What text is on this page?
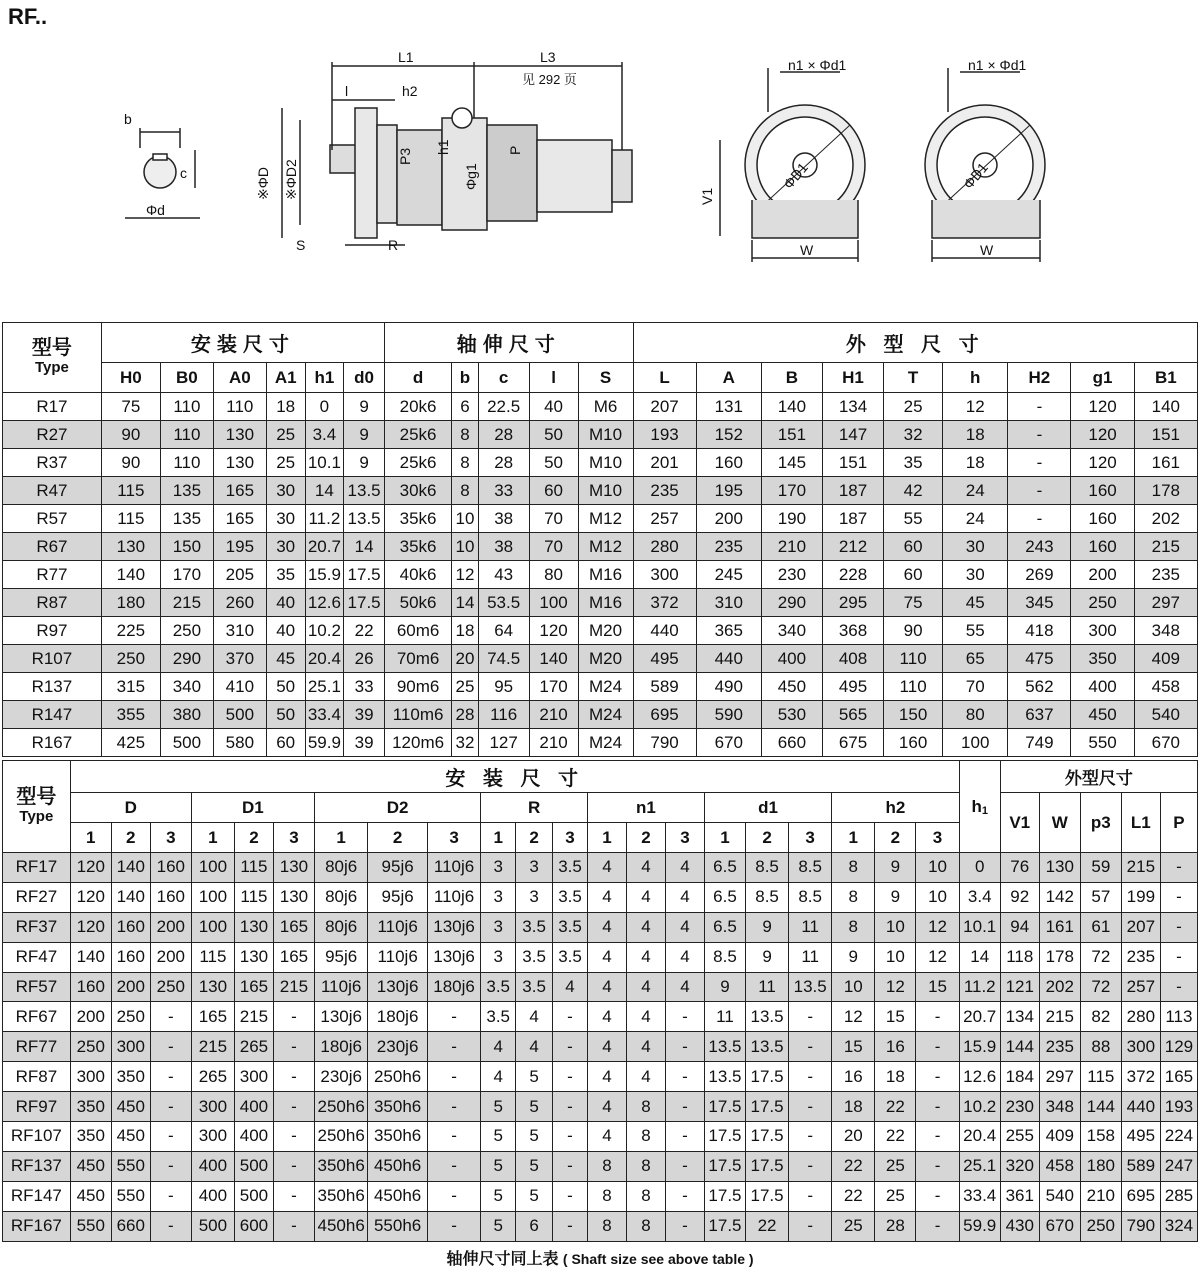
RF..
b
c
Φd
L1	L3
见 292 页
l	h2
※ΦD ※ΦD2
P3
h1
Φg1
P
S	R
n1 × Φd1	n1 × Φd1
V1
ΦD1	ΦD1
W	W
型号
Type	安装尺寸						轴伸尺寸					外 型 尺 寸								
	H0	B0	A0	A1	h1	d0	d	b	c	l	S	L	A	B	H1	T	h	H2	g1	B1
R17	75	110	110	18	0	9	20k6	6	22.5	40	M6	207	131	140	134	25	12	-	120	140
R27	90	110	130	25	3.4	9	25k6	8	28	50	M10	193	152	151	147	32	18	-	120	151
R37	90	110	130	25	10.1	9	25k6	8	28	50	M10	201	160	145	151	35	18	-	120	161
R47	115	135	165	30	14	13.5	30k6	8	33	60	M10	235	195	170	187	42	24	-	160	178
R57	115	135	165	30	11.2	13.5	35k6	10	38	70	M12	257	200	190	187	55	24	-	160	202
R67	130	150	195	30	20.7	14	35k6	10	38	70	M12	280	235	210	212	60	30	243	160	215
R77	140	170	205	35	15.9	17.5	40k6	12	43	80	M16	300	245	230	228	60	30	269	200	235
R87	180	215	260	40	12.6	17.5	50k6	14	53.5	100	M16	372	310	290	295	75	45	345	250	297
R97	225	250	310	40	10.2	22	60m6	18	64	120	M20	440	365	340	368	90	55	418	300	348
R107	250	290	370	45	20.4	26	70m6	20	74.5	140	M20	495	440	400	408	110	65	475	350	409
R137	315	340	410	50	25.1	33	90m6	25	95	170	M24	589	490	450	495	110	70	562	400	458
R147	355	380	500	50	33.4	39	110m6	28	116	210	M24	695	590	530	565	150	80	637	450	540
R167	425	500	580	60	59.9	39	120m6	32	127	210	M24	790	670	660	675	160	100	749	550	670
型号
Type	安 装 尺 寸																					h1	外型尺寸				
	D			D1			D2			R			n1			d1			h2				V1	W	p3	L1	P
	1	2	3	1	2	3	1	2	3	1	2	3	1	2	3	1	2	3	1	2	3						
RF17	120	140	160	100	115	130	80j6	95j6	110j6	3	3	3.5	4	4	4	6.5	8.5	8.5	8	9	10	0	76	130	59	215	-
RF27	120	140	160	100	115	130	80j6	95j6	110j6	3	3	3.5	4	4	4	6.5	8.5	8.5	8	9	10	3.4	92	142	57	199	-
RF37	120	160	200	100	130	165	80j6	110j6	130j6	3	3.5	3.5	4	4	4	6.5	9	11	8	10	12	10.1	94	161	61	207	-
RF47	140	160	200	115	130	165	95j6	110j6	130j6	3	3.5	3.5	4	4	4	8.5	9	11	9	10	12	14	118	178	72	235	-
RF57	160	200	250	130	165	215	110j6	130j6	180j6	3.5	3.5	4	4	4	4	9	11	13.5	10	12	15	11.2	121	202	72	257	-
RF67	200	250	-	165	215	-	130j6	180j6	-	3.5	4	-	4	4	-	11	13.5	-	12	15	-	20.7	134	215	82	280	113
RF77	250	300	-	215	265	-	180j6	230j6	-	4	4	-	4	4	-	13.5	13.5	-	15	16	-	15.9	144	235	88	300	129
RF87	300	350	-	265	300	-	230j6	250h6	-	4	5	-	4	4	-	13.5	17.5	-	16	18	-	12.6	184	297	115	372	165
RF97	350	450	-	300	400	-	250h6	350h6	-	5	5	-	4	8	-	17.5	17.5	-	18	22	-	10.2	230	348	144	440	193
RF107	350	450	-	300	400	-	250h6	350h6	-	5	5	-	4	8	-	17.5	17.5	-	20	22	-	20.4	255	409	158	495	224
RF137	450	550	-	400	500	-	350h6	450h6	-	5	5	-	8	8	-	17.5	17.5	-	22	25	-	25.1	320	458	180	589	247
RF147	450	550	-	400	500	-	350h6	450h6	-	5	5	-	8	8	-	17.5	17.5	-	22	25	-	33.4	361	540	210	695	285
RF167	550	660	-	500	600	-	450h6	550h6	-	5	6	-	8	8	-	17.5	22	-	25	28	-	59.9	430	670	250	790	324
轴伸尺寸同上表 ( Shaft size see above table )
